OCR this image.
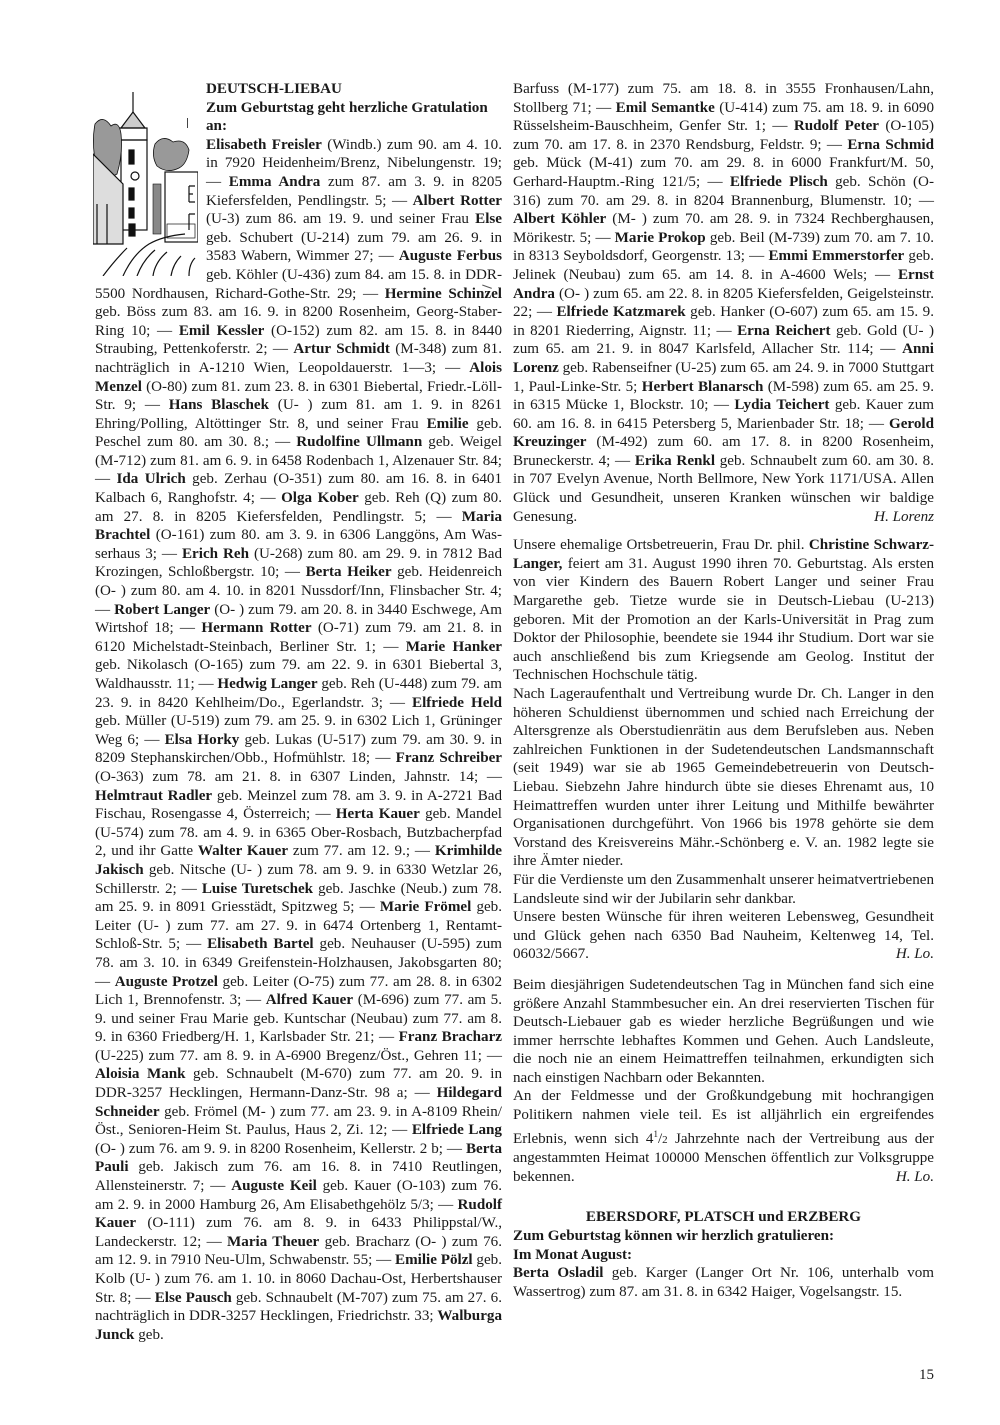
DEUTSCH-LIEBAU

Zum Geburtstag geht herzliche Gratulation an:

Elisabeth Freisler (Windb.) zum 90. am 4. 10. in 7920 Heidenheim/Brenz, Nibelungenstr. 19; — Emma Andra zum 87. am 3. 9. in 8205 Kiefersfelden, Pendlingstr. 5; — Albert Rotter (U-3) zum 86. am 19. 9. und seiner Frau Else geb. Schubert (U-214) zum 79. am 26. 9. in 3583 Wabern, Wimmer 27; — Auguste Ferbus geb. Köhler (U-436) zum 84. am 15. 8. in DDR-5500 Nordhausen, Richard-Gothe-Str. 29; — Hermine Schinzel geb. Böss zum 83. am 16. 9. in 8200 Rosenheim, Georg-Staber-Ring 10; — Emil Kessler (O-152) zum 82. am 15. 8. in 8440 Straubing, Pettenkoferstr. 2; — Artur Schmidt (M-348) zum 81. nachträglich in A-1210 Wien, Leopoldauerstr. 1—3; — Alois Menzel (O-80) zum 81. zum 23. 8. in 6301 Biebertal, Friedr.-Löll-Str. 9; — Hans Blaschek (U- ) zum 81. am 1. 9. in 8261 Ehring/Polling, Altöttinger Str. 8, und seiner Frau Emilie geb. Peschel zum 80. am 30. 8.; — Rudolfine Ullmann geb. Weigel (M-712) zum 81. am 6. 9. in 6458 Rodenbach 1, Alzenauer Str. 84; — Ida Ulrich geb. Zerhau (O-351) zum 80. am 16. 8. in 6401 Kalbach 6, Ranghofstr. 4; — Olga Kober geb. Reh (Q) zum 80. am 27. 8. in 8205 Kiefersfelden, Pendlingstr. 5; — Maria Brachtel (O-161) zum 80. am 3. 9. in 6306 Langgöns, Am Wasserhaus 3; — Erich Reh (U-268) zum 80. am 29. 9. in 7812 Bad Krozingen, Schloßbergstr. 10; — Berta Heiker geb. Heidenreich (O- ) zum 80. am 4. 10. in 8201 Nussdorf/Inn, Flinsbacher Str. 4; — Robert Langer (O- ) zum 79. am 20. 8. in 3440 Eschwege, Am Wirtshof 18; — Hermann Rotter (O-71) zum 79. am 21. 8. in 6120 Michelstadt-Steinbach, Berliner Str. 1; — Marie Hanker geb. Nikolasch (O-165) zum 79. am 22. 9. in 6301 Biebertal 3, Waldhausstr. 11; — Hedwig Langer geb. Reh (U-448) zum 79. am 23. 9. in 8420 Kehlheim/Do., Egerlandstr. 3; — Elfriede Held geb. Müller (U-519) zum 79. am 25. 9. in 6302 Lich 1, Grüninger Weg 6; — Elsa Horky geb. Lukas (U-517) zum 79. am 30. 9. in 8209 Stephanskirchen/Obb., Hofmühlstr. 18; — Franz Schreiber (O-363) zum 78. am 21. 8. in 6307 Linden, Jahnstr. 14; — Helmtraut Radler geb. Meinzel zum 78. am 3. 9. in A-2721 Bad Fischau, Rosengasse 4, Österreich; — Herta Kauer geb. Mandel (U-574) zum 78. am 4. 9. in 6365 Ober-Rosbach, Butzbacherpfad 2, und ihr Gatte Walter Kauer zum 77. am 12. 9.; — Krimhilde Jakisch geb. Nitsche (U- ) zum 78. am 9. 9. in 6330 Wetzlar 26, Schillerstr. 2; — Luise Turetschek geb. Jaschke (Neub.) zum 78. am 25. 9. in 8091 Griesstädt, Spitzweg 5; — Marie Frömel geb. Leiter (U- ) zum 77. am 27. 9. in 6474 Ortenberg 1, Rentamt-Schloß-Str. 5; — Elisabeth Bartel geb. Neuhauser (U-595) zum 78. am 3. 10. in 6349 Greifenstein-Holzhausen, Jakobsgarten 80; — Auguste Protzel geb. Leiter (O-75) zum 77. am 28. 8. in 6302 Lich 1, Brennofenstr. 3; — Alfred Kauer (M-696) zum 77. am 5. 9. und seiner Frau Marie geb. Kuntschar (Neubau) zum 77. am 8. 9. in 6360 Friedberg/H. 1, Karlsbader Str. 21; — Franz Bracharz (U-225) zum 77. am 8. 9. in A-6900 Bregenz/Öst., Gehren 11; — Aloisia Mank geb. Schnaubelt (M-670) zum 77. am 20. 9. in DDR-3257 Hecklingen, Hermann-Danz-Str. 98 a; — Hildegard Schneider geb. Frömel (M- ) zum 77. am 23. 9. in A-8109 Rhein/Öst., Senioren-Heim St. Paulus, Haus 2, Zi. 12; — Elfriede Lang (O- ) zum 76. am 9. 9. in 8200 Rosenheim, Kellerstr. 2 b; — Berta Pauli geb. Jakisch zum 76. am 16. 8. in 7410 Reutlingen, Allensteinerstr. 7; — Auguste Keil geb. Kauer (O-103) zum 76. am 2. 9. in 2000 Hamburg 26, Am Elisabethgehölz 5/3; — Rudolf Kauer (O-111) zum 76. am 8. 9. in 6433 Philippstal/W., Landeckerstr. 12; — Maria Theuer geb. Bracharz (O- ) zum 76. am 12. 9. in 7910 Neu-Ulm, Schwabenstr. 55; — Emilie Pölzl geb. Kolb (U- ) zum 76. am 1. 10. in 8060 Dachau-Ost, Herbertshauser Str. 8; — Else Pausch geb. Schnaubelt (M-707) zum 75. am 27. 6. nachträglich in DDR-3257 Hecklingen, Friedrichstr. 33; Walburga Junck geb.

Barfuss (M-177) zum 75. am 18. 8. in 3555 Fronhausen/Lahn, Stollberg 71; — Emil Semantke (U-414) zum 75. am 18. 9. in 6090 Rüsselsheim-Bauschheim, Genfer Str. 1; — Rudolf Peter (O-105) zum 70. am 17. 8. in 2370 Rendsburg, Feldstr. 9; — Erna Schmid geb. Mück (M-41) zum 70. am 29. 8. in 6000 Frankfurt/M. 50, Gerhard-Hauptm.-Ring 121/5; — Elfriede Plisch geb. Schön (O-316) zum 70. am 29. 8. in 8204 Brannenburg, Blumenstr. 10; — Albert Köhler (M- ) zum 70. am 28. 9. in 7324 Rechberghausen, Mörikestr. 5; — Marie Prokop geb. Beil (M-739) zum 70. am 7. 10. in 8313 Seyboldsdorf, Georgenstr. 13; — Emmi Emmerstorfer geb. Jelinek (Neubau) zum 65. am 14. 8. in A-4600 Wels; — Ernst Andra (O- ) zum 65. am 22. 8. in 8205 Kiefersfelden, Geigelsteinstr. 22; — Elfriede Katzmarek geb. Hanker (O-607) zum 65. am 15. 9. in 8201 Riederring, Aignstr. 11; — Erna Reichert geb. Gold (U- ) zum 65. am 21. 9. in 8047 Karlsfeld, Allacher Str. 114; — Anni Lorenz geb. Rabenseifner (U-25) zum 65. am 24. 9. in 7000 Stuttgart 1, Paul-Linke-Str. 5; Herbert Blanarsch (M-598) zum 65. am 25. 9. in 6315 Mücke 1, Blockstr. 10; — Lydia Teichert geb. Kauer zum 60. am 16. 8. in 6415 Petersberg 5, Marienbader Str. 18; — Gerold Kreuzinger (M-492) zum 60. am 17. 8. in 8200 Rosenheim, Bruneckerstr. 4; — Erika Renkl geb. Schnaubelt zum 60. am 30. 8. in 707 Evelyn Avenue, North Bellmore, New York 1171/USA. Allen Glück und Gesundheit, unseren Kranken wünschen wir baldige Genesung.	H. Lorenz

Unsere ehemalige Ortsbetreuerin, Frau Dr. phil. Christine Schwarz-Langer, feiert am 31. August 1990 ihren 70. Geburtstag. Als ersten von vier Kindern des Bauern Robert Langer und seiner Frau Margarethe geb. Tietze wurde sie in Deutsch-Liebau (U-213) geboren. Mit der Promotion an der Karls-Universität in Prag zum Doktor der Philosophie, beendete sie 1944 ihr Studium. Dort war sie auch anschließend bis zum Kriegsende am Geolog. Institut der Technischen Hochschule tätig.

Nach Lageraufenthalt und Vertreibung wurde Dr. Ch. Langer in den höheren Schuldienst übernommen und schied nach Erreichung der Altersgrenze als Oberstudienrätin aus dem Berufsleben aus. Neben zahlreichen Funktionen in der Sudetendeutschen Landsmannschaft (seit 1949) war sie ab 1965 Gemeindebetreuerin von Deutsch-Liebau. Siebzehn Jahre hindurch übte sie dieses Ehrenamt aus, 10 Heimattreffen wurden unter ihrer Leitung und Mithilfe bewährter Organisationen durchgeführt. Von 1966 bis 1978 gehörte sie dem Vorstand des Kreisvereins Mähr.-Schönberg e. V. an. 1982 legte sie ihre Ämter nieder.

Für die Verdienste um den Zusammenhalt unserer heimatvertriebenen Landsleute sind wir der Jubilarin sehr dankbar.

Unsere besten Wünsche für ihren weiteren Lebensweg, Gesundheit und Glück gehen nach 6350 Bad Nauheim, Keltenweg 14, Tel. 06032/5667.	H. Lo.

Beim diesjährigen Sudetendeutschen Tag in München fand sich eine größere Anzahl Stammbesucher ein. An drei reservierten Tischen für Deutsch-Liebauer gab es wieder herzliche Begrüßungen und wie immer herrschte lebhaftes Kommen und Gehen. Auch Landsleute, die noch nie an einem Heimattreffen teilnahmen, erkundigten sich nach einstigen Nachbarn oder Bekannten.

An der Feldmesse und der Großkundgebung mit hochrangigen Politikern nahmen viele teil. Es ist alljährlich ein ergreifendes Erlebnis, wenn sich $4^1/2$ Jahrzehnte nach der Vertreibung aus der angestammten Heimat 100000 Menschen öffentlich zur Volksgruppe bekennen.	H. Lo.

EBERSDORF, PLATSCH und ERZBERG

Zum Geburtstag können wir herzlich gratulieren:

Im Monat August:

Berta Osladil geb. Karger (Langer Ort Nr. 106, unterhalb vom Wassertrog) zum 87. am 31. 8. in 6342 Haiger, Vogelsangstr. 15.

15
